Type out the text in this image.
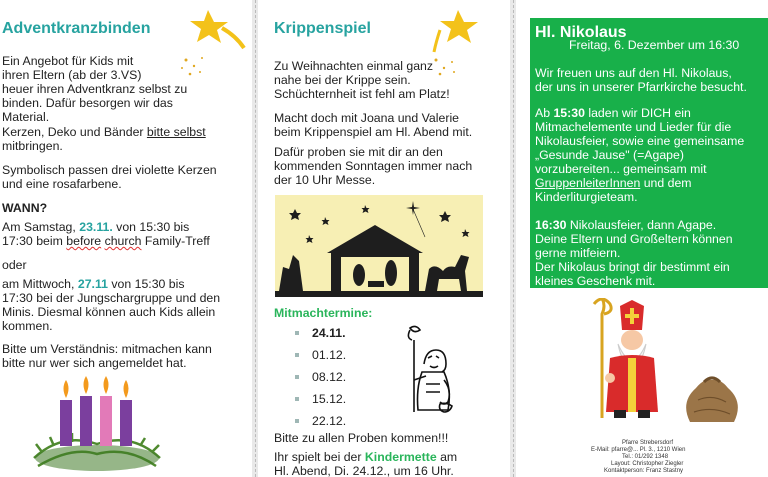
Adventkranzbinden
Ein Angebot für Kids mit
ihren Eltern (ab der 3.VS)
heuer ihren Adventkranz selbst zu
binden. Dafür besorgen wir das
Material.
Kerzen, Deko und Bänder bitte selbst
mitbringen.
Symbolisch passen drei violette Kerzen
und eine rosafarbene.
WANN?
Am Samstag, 23.11. von 15:30 bis
17:30 beim before church Family-Treff
oder
am Mittwoch, 27.11 von 15:30 bis
17:30 bei der Jungschargruppe und den
Minis. Diesmal können auch Kids allein
kommen.
Bitte um Verständnis: mitmachen kann
bitte nur wer sich angemeldet hat.
Krippenspiel
Zu Weihnachten einmal ganz
nahe bei der Krippe sein.
Schüchternheit ist fehl am Platz!
Macht doch mit Joana und Valerie
beim Krippenspiel am Hl. Abend mit.
Dafür proben sie mit dir an den
kommenden Sonntagen immer nach
der 10 Uhr Messe.
Mitmachtermine:
24.11.
01.12.
08.12.
15.12.
22.12.
Bitte zu allen Proben kommen!!!
Ihr spielt bei der Kindermette am
Hl. Abend, Di. 24.12., um 16 Uhr.
Hl. Nikolaus
Freitag, 6. Dezember um 16:30
Wir freuen uns auf den Hl. Nikolaus,
der uns in unserer Pfarrkirche besucht.
Ab 15:30 laden wir DICH ein
Mitmachelemente und Lieder für die
Nikolausfeier, sowie eine gemeinsame
„Gesunde Jause" (=Agape)
vorzubereiten... gemeinsam mit
GruppenleiterInnen und dem
Kinderliturgieteam.
16:30 Nikolausfeier, dann Agape.
Deine Eltern und Großeltern können
gerne mitfeiern.
Der Nikolaus bringt dir bestimmt ein
kleines Geschenk mit.
Pfarre Strebersdorf
E-Mail: pfarre@... Pl. 3., 1210 Wien
Tel.: 01/292 1348
Layout: Christopher Ziegler
Kontaktperson: Franz Stastny
